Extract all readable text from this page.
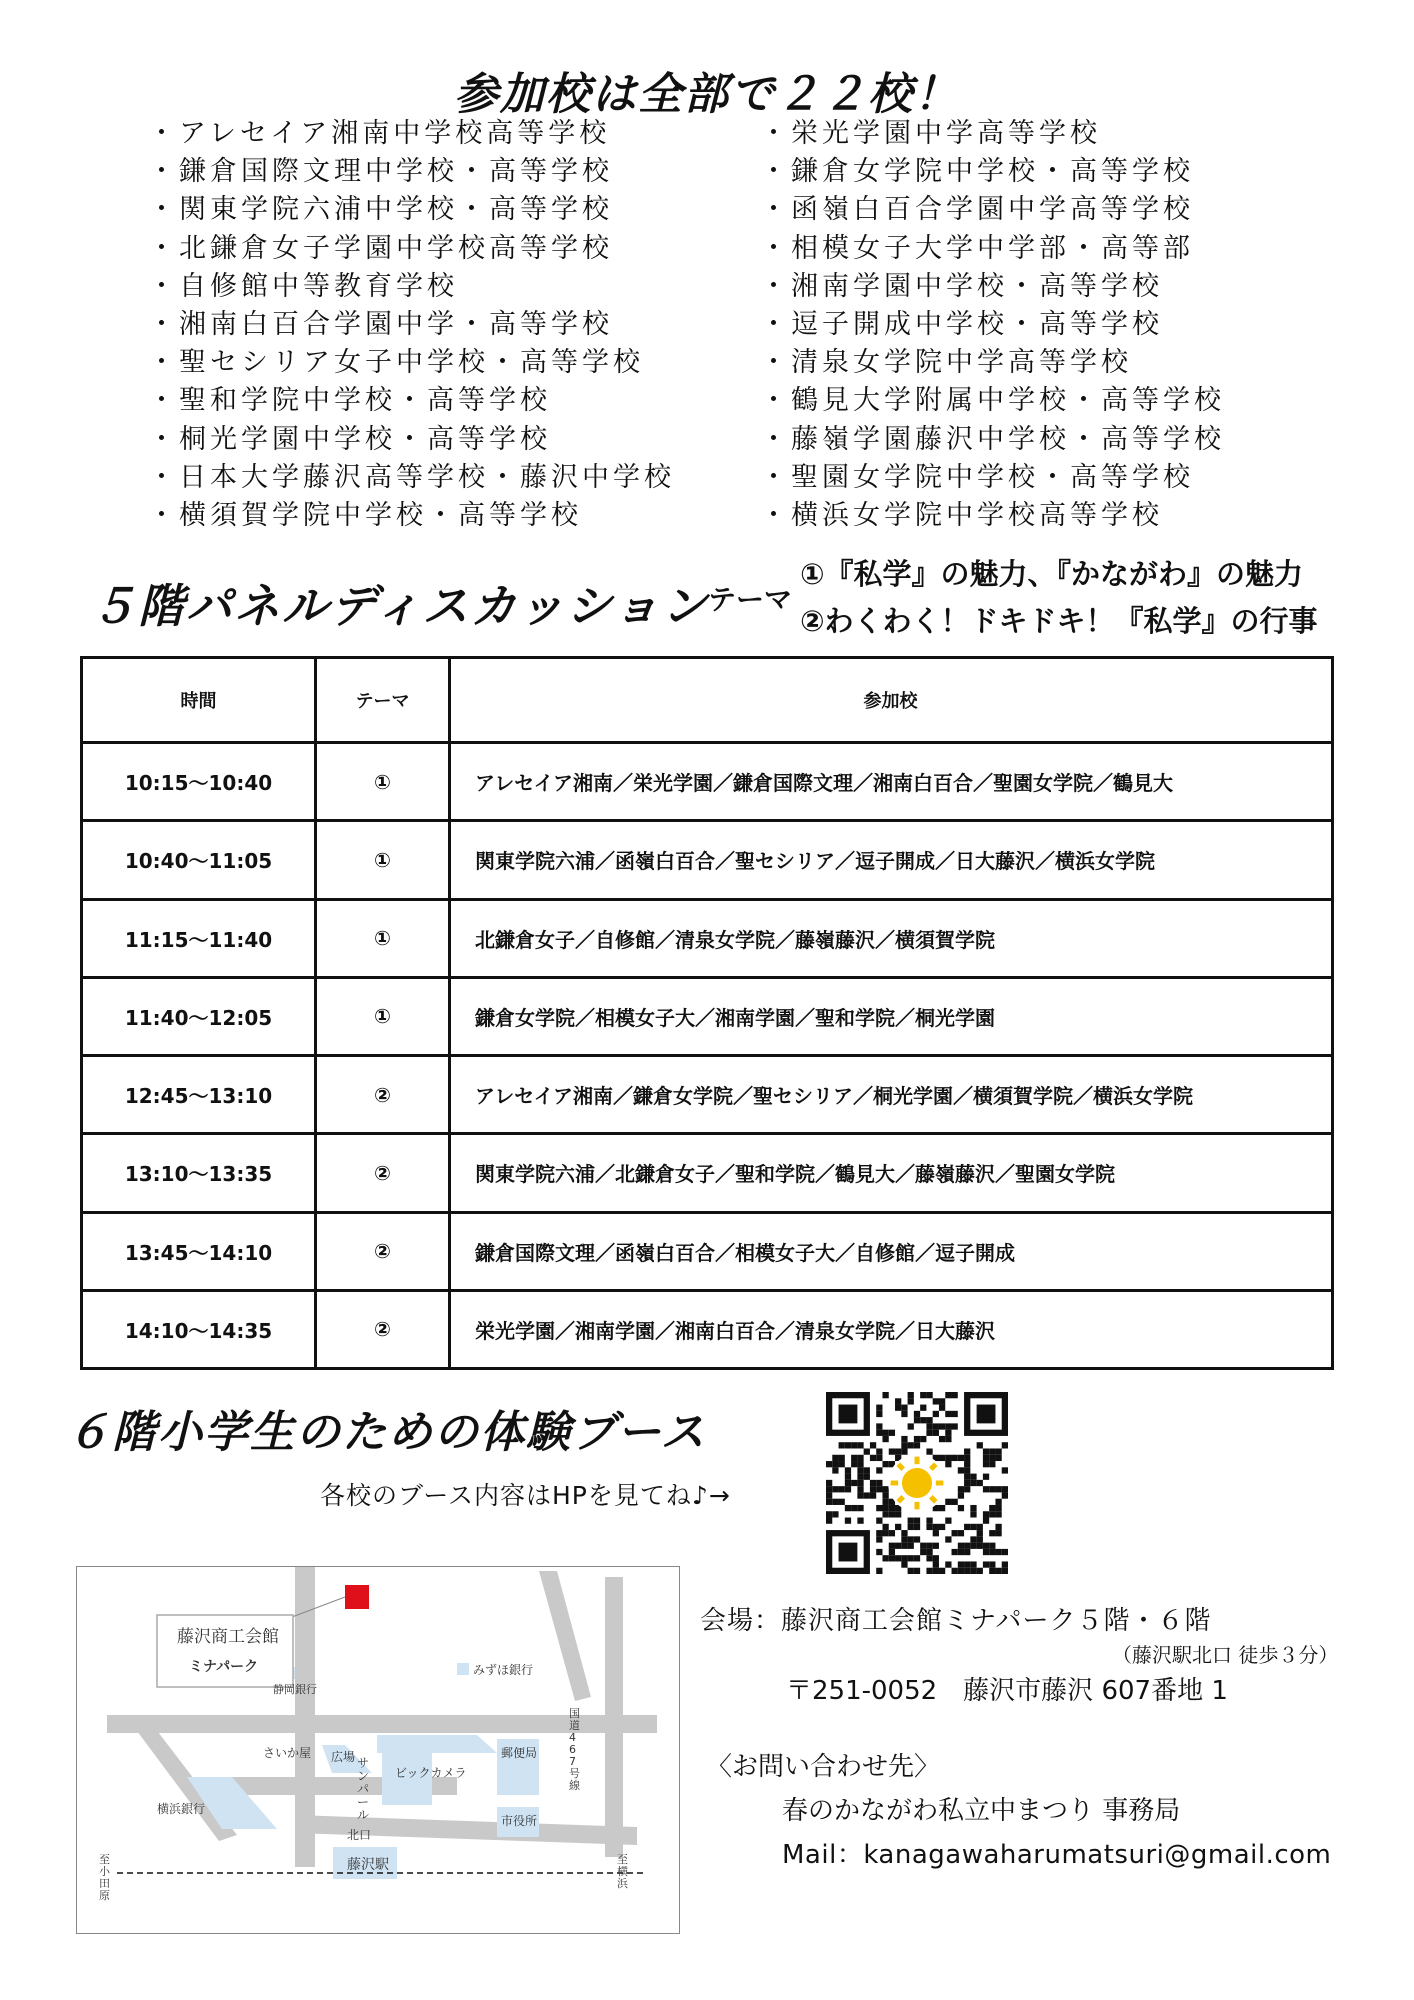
参加校は全部で２２校！
・アレセイア湘南中学校高等学校
・鎌倉国際文理中学校・高等学校
・関東学院六浦中学校・高等学校
・北鎌倉女子学園中学校高等学校
・自修館中等教育学校
・湘南白百合学園中学・高等学校
・聖セシリア女子中学校・高等学校
・聖和学院中学校・高等学校
・桐光学園中学校・高等学校
・日本大学藤沢高等学校・藤沢中学校
・横須賀学院中学校・高等学校
・栄光学園中学高等学校
・鎌倉女学院中学校・高等学校
・函嶺白百合学園中学高等学校
・相模女子大学中学部・高等部
・湘南学園中学校・高等学校
・逗子開成中学校・高等学校
・清泉女学院中学高等学校
・鶴見大学附属中学校・高等学校
・藤嶺学園藤沢中学校・高等学校
・聖園女学院中学校・高等学校
・横浜女学院中学校高等学校
５階パネルディスカッション テーマ
①『私学』の魅力、『かながわ』の魅力
②わくわく！ドキドキ！『私学』の行事
時間	テーマ	参加校
10:15～10:40	①	アレセイア湘南／栄光学園／鎌倉国際文理／湘南白百合／聖園女学院／鶴見大
10:40～11:05	①	関東学院六浦／函嶺白百合／聖セシリア／逗子開成／日大藤沢／横浜女学院
11:15～11:40	①	北鎌倉女子／自修館／清泉女学院／藤嶺藤沢／横須賀学院
11:40～12:05	①	鎌倉女学院／相模女子大／湘南学園／聖和学院／桐光学園
12:45～13:10	②	アレセイア湘南／鎌倉女学院／聖セシリア／桐光学園／横須賀学院／横浜女学院
13:10～13:35	②	関東学院六浦／北鎌倉女子／聖和学院／鶴見大／藤嶺藤沢／聖園女学院
13:45～14:10	②	鎌倉国際文理／函嶺白百合／相模女子大／自修館／逗子開成
14:10～14:35	②	栄光学園／湘南学園／湘南白百合／清泉女学院／日大藤沢
６階小学生のための体験ブース
各校のブース内容はHPを見てね♪→
藤沢商工会館
ミナパーク
静岡銀行
みずほ銀行
さいか屋 広場 サンパール
ビックカメラ
郵便局
市役所
横浜銀行
国道 4 6 7 号線
北口
藤沢駅
至小田原
至横浜
会場：藤沢商工会館ミナパーク５階・６階
（藤沢駅北口 徒歩３分）
〒251-0052　藤沢市藤沢 607番地 1
〈お問い合わせ先〉
春のかながわ私立中まつり 事務局
Mail：kanagawaharumatsuri@gmail.com
